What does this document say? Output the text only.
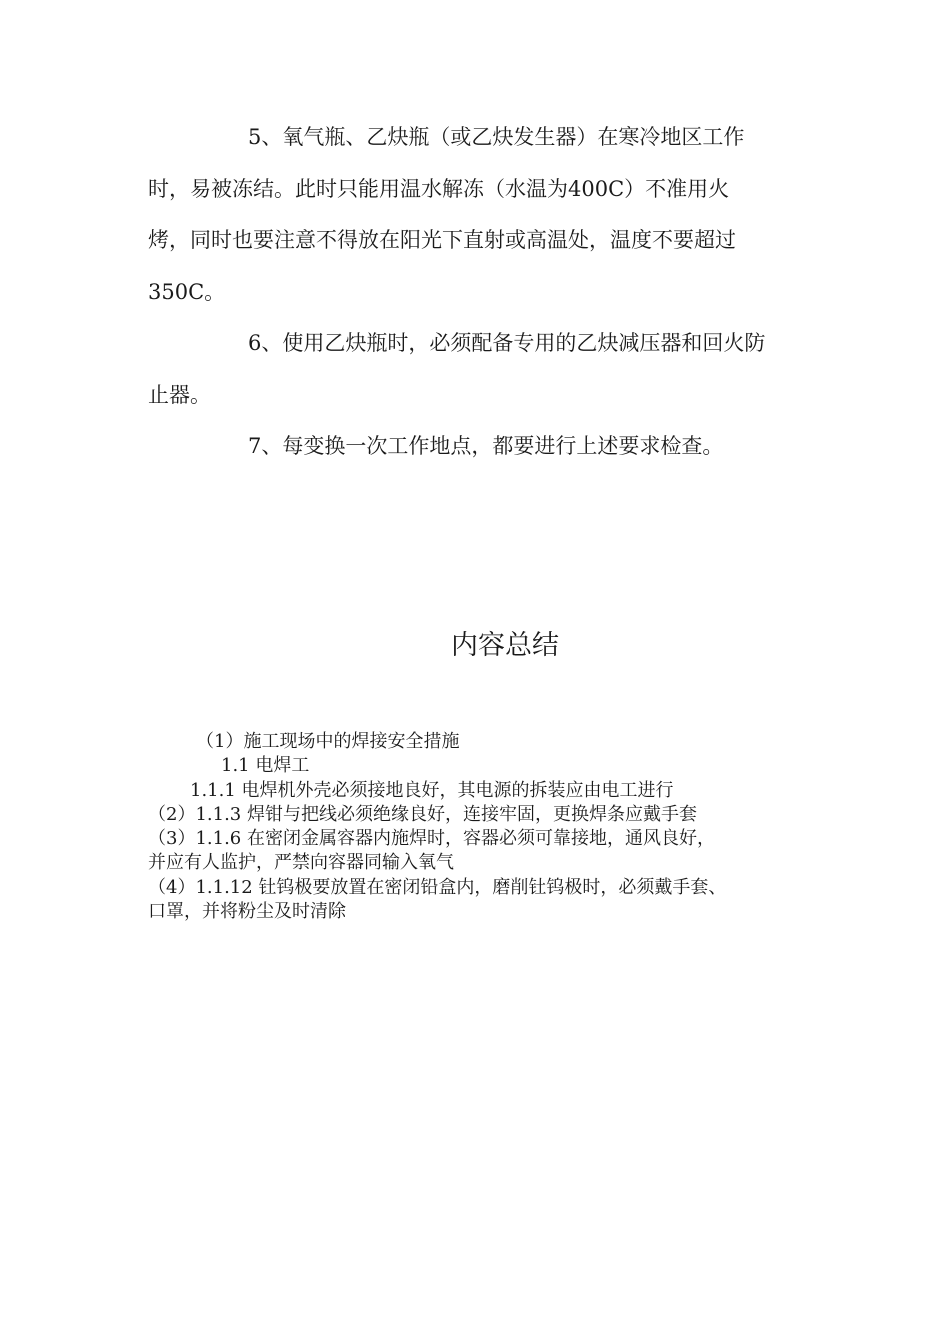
5、氧气瓶、乙炔瓶（或乙炔发生器）在寒冷地区工作
时，易被冻结。此时只能用温水解冻（水温为400C）不准用火
烤，同时也要注意不得放在阳光下直射或高温处，温度不要超过
350C。

6、使用乙炔瓶时，必须配备专用的乙炔减压器和回火防
止器。

7、每变换一次工作地点，都要进行上述要求检查。

内容总结

（1）施工现场中的焊接安全措施

1.1 电焊工

1.1.1 电焊机外壳必须接地良好，其电源的拆装应由电工进行

（2）1.1.3 焊钳与把线必须绝缘良好，连接牢固，更换焊条应戴手套

（3）1.1.6 在密闭金属容器内施焊时，容器必须可靠接地，通风良好，

并应有人监护，严禁向容器同输入氧气

（4）1.1.12 钍钨极要放置在密闭铅盒内，磨削钍钨极时，必须戴手套、

口罩，并将粉尘及时清除
